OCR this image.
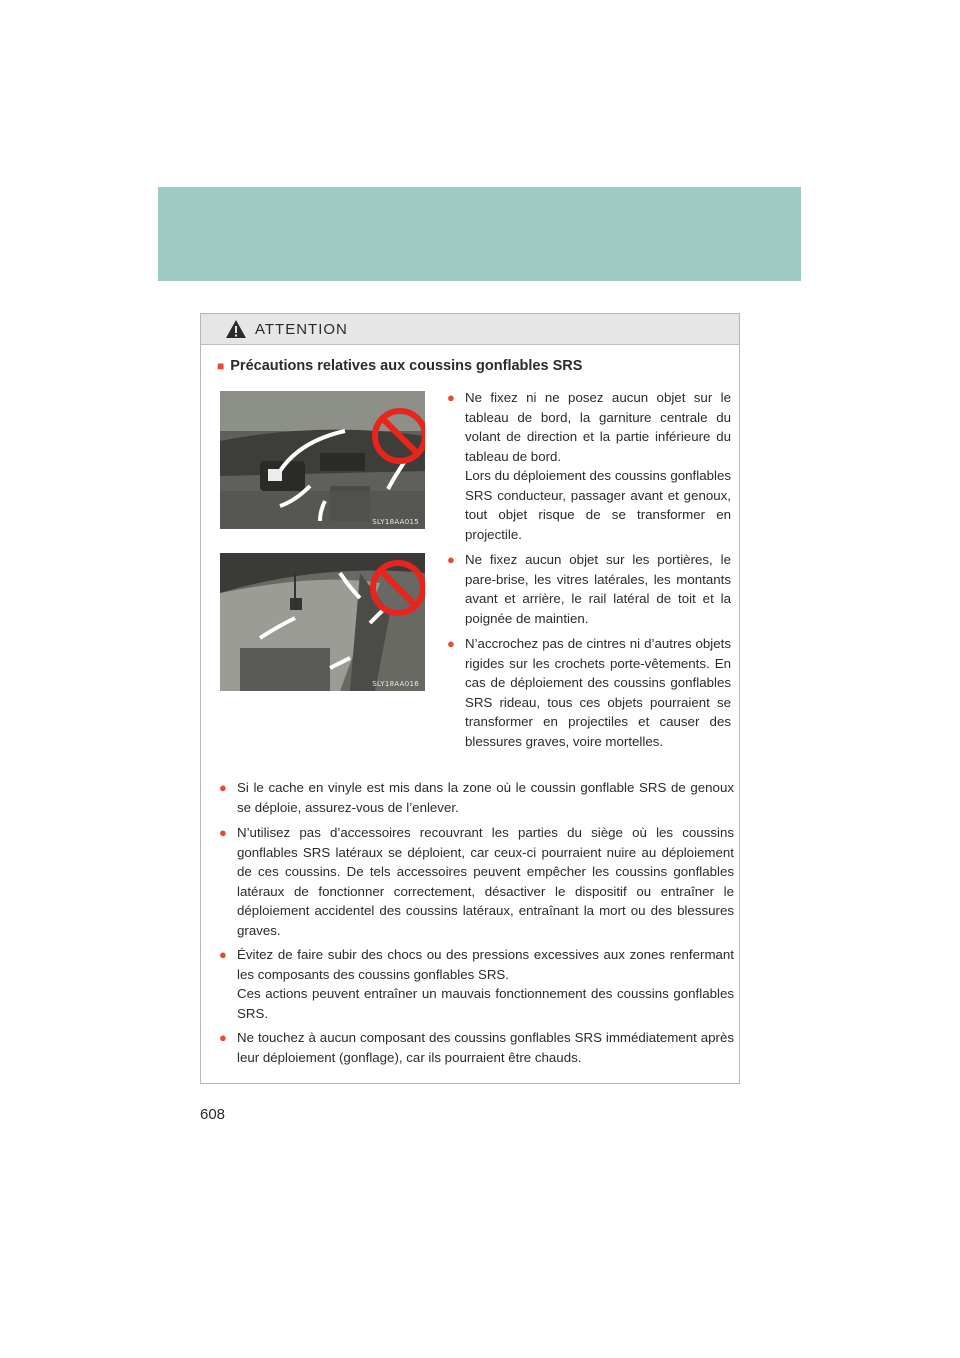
ATTENTION
■ Précautions relatives aux coussins gonflables SRS
SLY18AA015
SLY18AA016
● Ne fixez ni ne posez aucun objet sur le tableau de bord, la garniture centrale du volant de direction et la partie inférieure du tableau de bord.
Lors du déploiement des coussins gonflables SRS conducteur, passager avant et genoux, tout objet risque de se transformer en projectile.
● Ne fixez aucun objet sur les portières, le pare-brise, les vitres latérales, les montants avant et arrière, le rail latéral de toit et la poignée de maintien.
● N’accrochez pas de cintres ni d’autres objets rigides sur les crochets porte-vêtements. En cas de déploiement des coussins gonflables SRS rideau, tous ces objets pourraient se transformer en projectiles et causer des blessures graves, voire mortelles.
● Si le cache en vinyle est mis dans la zone où le coussin gonflable SRS de genoux se déploie, assurez-vous de l’enlever.
● N’utilisez pas d’accessoires recouvrant les parties du siège où les coussins gonflables SRS latéraux se déploient, car ceux-ci pourraient nuire au déploiement de ces coussins. De tels accessoires peuvent empêcher les coussins gonflables latéraux de fonctionner correctement, désactiver le dispositif ou entraîner le déploiement accidentel des coussins latéraux, entraînant la mort ou des blessures graves.
● Évitez de faire subir des chocs ou des pressions excessives aux zones renfermant les composants des coussins gonflables SRS.
Ces actions peuvent entraîner un mauvais fonctionnement des coussins gonflables SRS.
● Ne touchez à aucun composant des coussins gonflables SRS immédiatement après leur déploiement (gonflage), car ils pourraient être chauds.
608
